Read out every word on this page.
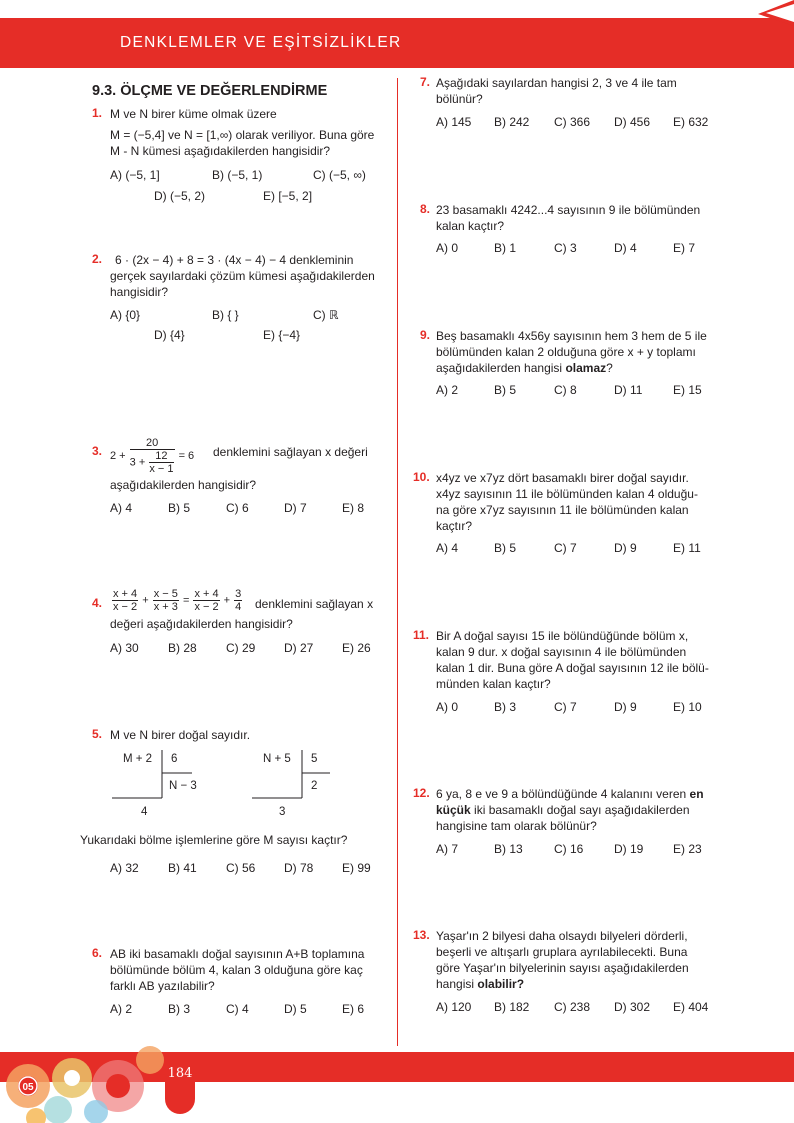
DENKLEMLER VE EŞİTSİZLİKLER
9.3. ÖLÇME VE DEĞERLENDİRME
1. M ve N birer küme olmak üzere
M = (−5,4] ve N = [1,∞) olarak veriliyor. Buna göre
M - N kümesi aşağıdakilerden hangisidir?
A) (−5, 1]	B) (−5, 1)	C) (−5, ∞)
D) (−5, 2)	E) [−5, 2]
2. 6 · (2x − 4) + 8 = 3 · (4x − 4) − 4 denkleminin
gerçek sayılardaki çözüm kümesi aşağıdakilerden
hangisidir?
A) {0}	B) { }	C) ℝ
D) {4}	E) {−4}
3. $2 + \frac{20}{3 + \frac{12}{x - 1}} = 6$ denklemini sağlayan x değeri
aşağıdakilerden hangisidir?
A) 4	B) 5	C) 6	D) 7	E) 8
4. $\frac{x + 4}{x - 2} + \frac{x - 5}{x + 3} = \frac{x + 4}{x - 2} + \frac{3}{4}$ denklemini sağlayan x
değeri aşağıdakilerden hangisidir?
A) 30 B) 28 C) 29 D) 27 E) 26
5. M ve N birer doğal sayıdır.
M + 2 6
N − 3
4
N + 5 5
2
3
Yukarıdaki bölme işlemlerine göre M sayısı kaçtır?
A) 32 B) 41 C) 56 D) 78 E) 99
6. AB iki basamaklı doğal sayısının A+B toplamına
bölümünde bölüm 4, kalan 3 olduğuna göre kaç
farklı AB yazılabilir?
A) 2	B) 3	C) 4	D) 5	E) 6
7. Aşağıdaki sayılardan hangisi 2, 3 ve 4 ile tam
bölünür?
A) 145 B) 242 C) 366 D) 456 E) 632
8. 23 basamaklı 4242...4 sayısının 9 ile bölümünden
kalan kaçtır?
A) 0	B) 1	C) 3	D) 4	E) 7
9. Beş basamaklı 4x56y sayısının hem 3 hem de 5 ile
bölümünden kalan 2 olduğuna göre x + y toplamı
aşağıdakilerden hangisi olamaz?
A) 2	B) 5	C) 8	D) 11	E) 15
10. x4yz ve x7yz dört basamaklı birer doğal sayıdır.
x4yz sayısının 11 ile bölümünden kalan 4 olduğu-
na göre x7yz sayısının 11 ile bölümünden kalan
kaçtır?
A) 4	B) 5	C) 7	D) 9	E) 11
11. Bir A doğal sayısı 15 ile bölündüğünde bölüm x,
kalan 9 dur. x doğal sayısının 4 ile bölümünden
kalan 1 dir. Buna göre A doğal sayısının 12 ile bölü-
münden kalan kaçtır?
A) 0	B) 3	C) 7	D) 9	E) 10
12. 6 ya, 8 e ve 9 a bölündüğünde 4 kalanını veren en
küçük iki basamaklı doğal sayı aşağıdakilerden
hangisine tam olarak bölünür?
A) 7	B) 13	C) 16	D) 19 E) 23
13. Yaşar'ın 2 bilyesi daha olsaydı bilyeleri dörderli,
beşerli ve altışarlı gruplara ayrılabilecekti. Buna
göre Yaşar'ın bilyelerinin sayısı aşağıdakilerden
hangisi olabilir?
A) 120 B) 182 C) 238 D) 302 E) 404
05
184
